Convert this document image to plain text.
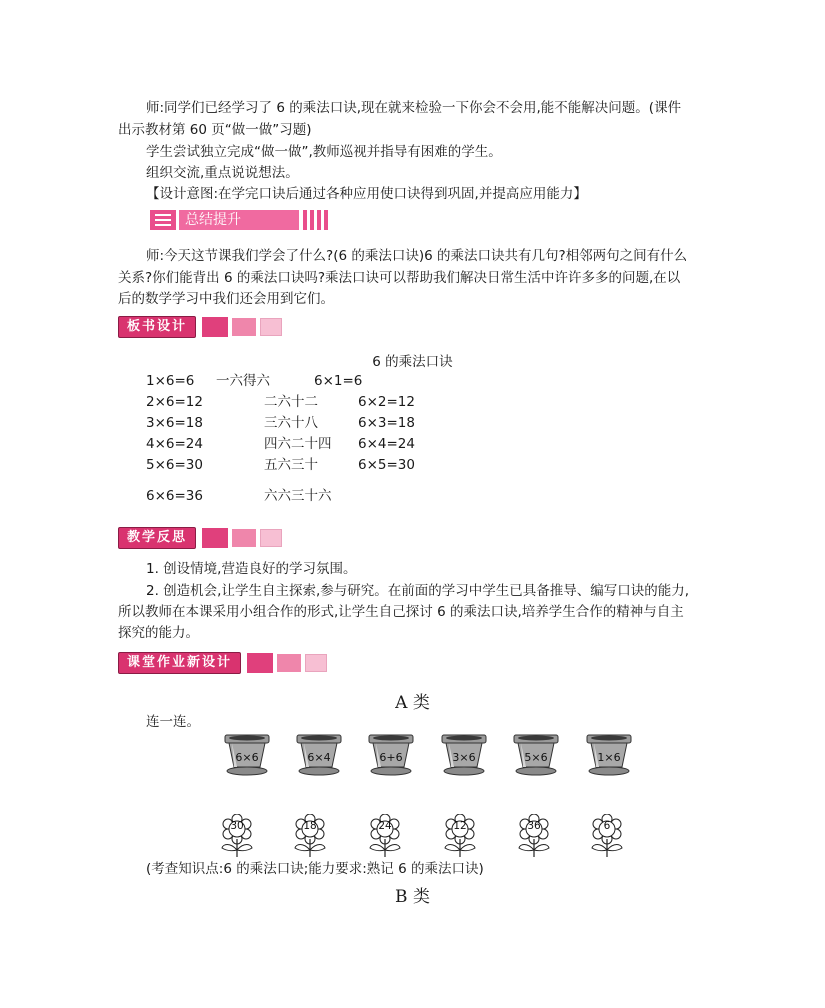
师:同学们已经学习了 6 的乘法口诀,现在就来检验一下你会不会用,能不能解决问题。(课件
出示教材第 60 页“做一做”习题)
学生尝试独立完成“做一做”,教师巡视并指导有困难的学生。
组织交流,重点说说想法。
【设计意图:在学完口诀后通过各种应用使口诀得到巩固,并提高应用能力】
总结提升
师:今天这节课我们学会了什么?(6 的乘法口诀)6 的乘法口诀共有几句?相邻两句之间有什么
关系?你们能背出 6 的乘法口诀吗?乘法口诀可以帮助我们解决日常生活中许许多多的问题,在以
后的数学学习中我们还会用到它们。
板书设计
6 的乘法口诀
1×6=6 一六得六	6×1=6
2×6=12	二六十二	6×2=12
3×6=18	三六十八	6×3=18
4×6=24	四六二十四 6×4=24
5×6=30	五六三十	6×5=30
6×6=36	六六三十六
教学反思
1. 创设情境,营造良好的学习氛围。
2. 创造机会,让学生自主探索,参与研究。在前面的学习中学生已具备推导、编写口诀的能力,
所以教师在本课采用小组合作的形式,让学生自己探讨 6 的乘法口诀,培养学生合作的精神与自主
探究的能力。
课堂作业新设计
A 类
连一连。
6×6	6×4	6+6	3×6	5×6	1×6
30	18	24	12	36	6
(考查知识点:6 的乘法口诀;能力要求:熟记 6 的乘法口诀)
B 类
